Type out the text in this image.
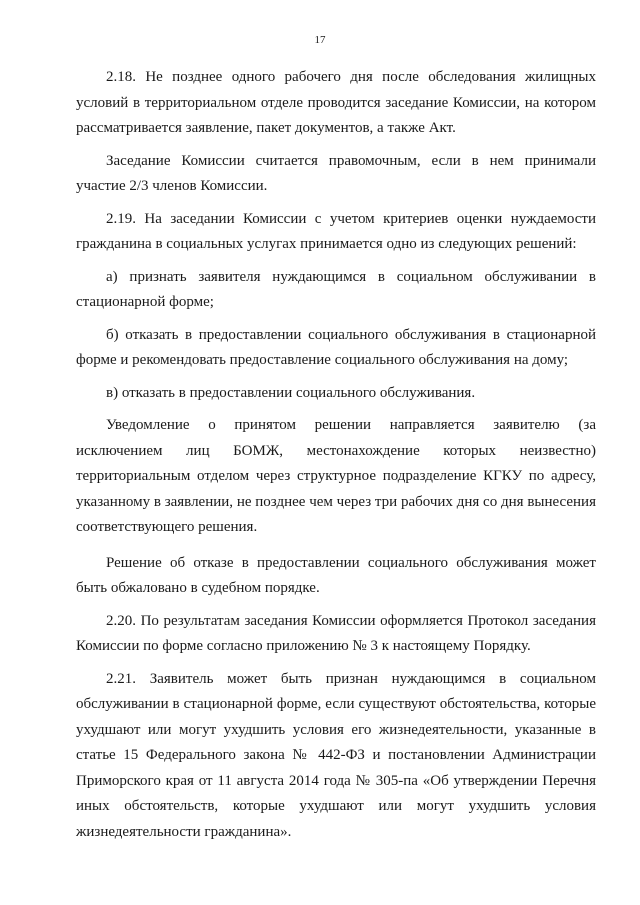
17

2.18. Не позднее одного рабочего дня после обследования жилищных условий в территориальном отделе проводится заседание Комиссии, на котором рассматривается заявление, пакет документов, а также Акт.

Заседание Комиссии считается правомочным, если в нем принимали участие 2/3 членов Комиссии.

2.19. На заседании Комиссии с учетом критериев оценки нуждаемости гражданина в социальных услугах принимается одно из следующих решений:

а) признать заявителя нуждающимся в социальном обслуживании в стационарной форме;

б) отказать в предоставлении социального обслуживания в стационарной форме и рекомендовать предоставление социального обслуживания на дому;

в) отказать в предоставлении социального обслуживания.

Уведомление о принятом решении направляется заявителю (за исключением лиц БОМЖ, местонахождение которых неизвестно) территориальным отделом через структурное подразделение КГКУ по адресу, указанному в заявлении, не позднее чем через три рабочих дня со дня вынесения соответствующего решения.

Решение об отказе в предоставлении социального обслуживания может быть обжаловано в судебном порядке.

2.20. По результатам заседания Комиссии оформляется Протокол заседания Комиссии по форме согласно приложению № 3 к настоящему Порядку.

2.21. Заявитель может быть признан нуждающимся в социальном обслуживании в стационарной форме, если существуют обстоятельства, которые ухудшают или могут ухудшить условия его жизнедеятельности, указанные в статье 15 Федерального закона № 442-ФЗ и постановлении Администрации Приморского края от 11 августа 2014 года № 305-па «Об утверждении Перечня иных обстоятельств, которые ухудшают или могут ухудшить условия жизнедеятельности гражданина».
